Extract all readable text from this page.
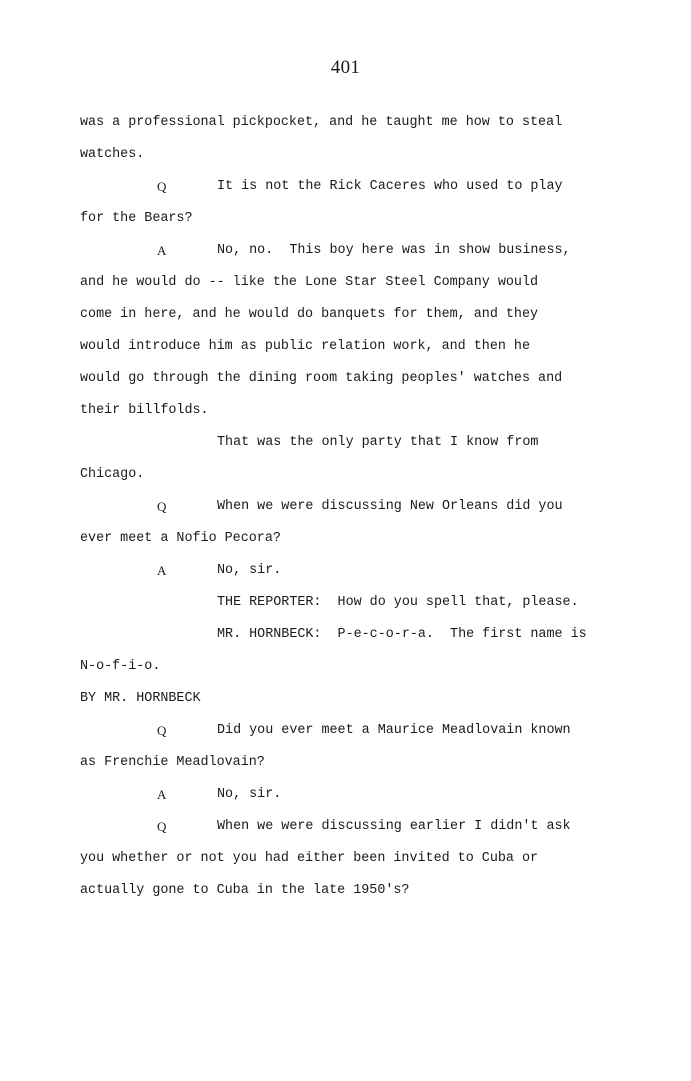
401
was a professional pickpocket, and he taught me how to steal
watches.
Q	It is not the Rick Caceres who used to play
for the Bears?
A	No, no.  This boy here was in show business,
and he would do -- like the Lone Star Steel Company would
come in here, and he would do banquets for them, and they
would introduce him as public relation work, and then he
would go through the dining room taking peoples' watches and
their billfolds.
That was the only party that I know from
Chicago.
Q	When we were discussing New Orleans did you
ever meet a Nofio Pecora?
A	No, sir.
THE REPORTER:  How do you spell that, please.
MR. HORNBECK:  P-e-c-o-r-a.  The first name is
N-o-f-i-o.
BY MR. HORNBECK
Q	Did you ever meet a Maurice Meadlovain known
as Frenchie Meadlovain?
A	No, sir.
Q	When we were discussing earlier I didn't ask
you whether or not you had either been invited to Cuba or
actually gone to Cuba in the late 1950's?
